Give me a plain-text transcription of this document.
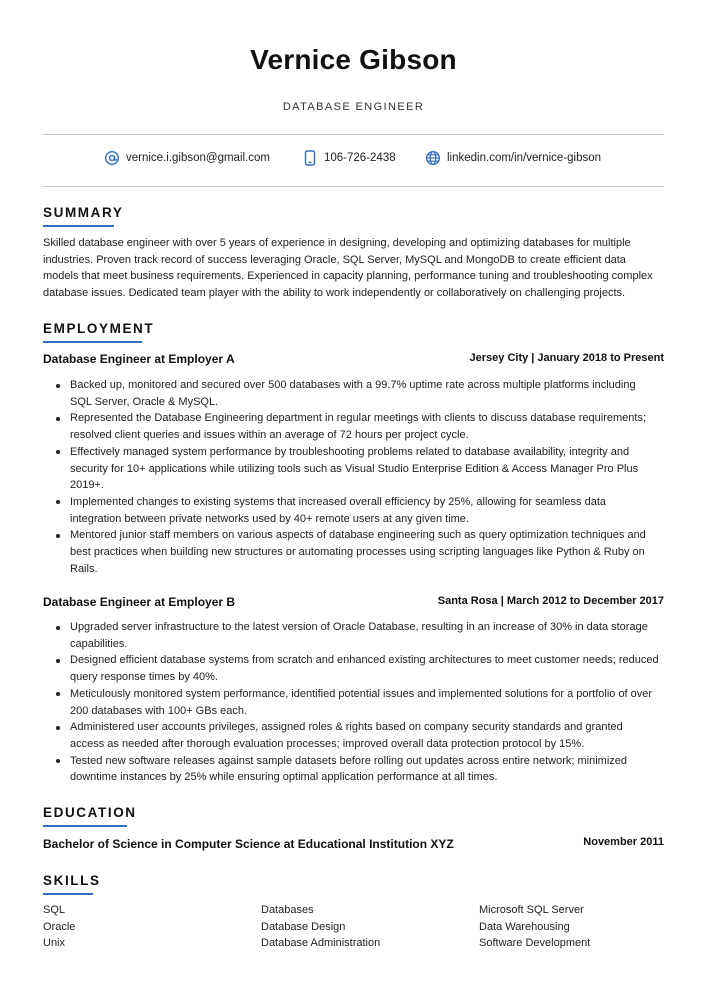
Vernice Gibson
DATABASE ENGINEER
vernice.i.gibson@gmail.com	106-726-2438	linkedin.com/in/vernice-gibson
SUMMARY
Skilled database engineer with over 5 years of experience in designing, developing and optimizing databases for multiple industries. Proven track record of success leveraging Oracle, SQL Server, MySQL and MongoDB to create efficient data models that meet business requirements. Experienced in capacity planning, performance tuning and troubleshooting complex database issues. Dedicated team player with the ability to work independently or collaboratively on challenging projects.
EMPLOYMENT
Database Engineer at Employer A	Jersey City | January 2018 to Present
Backed up, monitored and secured over 500 databases with a 99.7% uptime rate across multiple platforms including SQL Server, Oracle & MySQL.
Represented the Database Engineering department in regular meetings with clients to discuss database requirements; resolved client queries and issues within an average of 72 hours per project cycle.
Effectively managed system performance by troubleshooting problems related to database availability, integrity and security for 10+ applications while utilizing tools such as Visual Studio Enterprise Edition & Access Manager Pro Plus 2019+.
Implemented changes to existing systems that increased overall efficiency by 25%, allowing for seamless data integration between private networks used by 40+ remote users at any given time.
Mentored junior staff members on various aspects of database engineering such as query optimization techniques and best practices when building new structures or automating processes using scripting languages like Python & Ruby on Rails.
Database Engineer at Employer B	Santa Rosa | March 2012 to December 2017
Upgraded server infrastructure to the latest version of Oracle Database, resulting in an increase of 30% in data storage capabilities.
Designed efficient database systems from scratch and enhanced existing architectures to meet customer needs; reduced query response times by 40%.
Meticulously monitored system performance, identified potential issues and implemented solutions for a portfolio of over 200 databases with 100+ GBs each.
Administered user accounts privileges, assigned roles & rights based on company security standards and granted access as needed after thorough evaluation processes; improved overall data protection protocol by 15%.
Tested new software releases against sample datasets before rolling out updates across entire network; minimized downtime instances by 25% while ensuring optimal application performance at all times.
EDUCATION
Bachelor of Science in Computer Science at Educational Institution XYZ	November 2011
SKILLS
SQL	Databases	Microsoft SQL Server
Oracle	Database Design	Data Warehousing
Unix	Database Administration	Software Development
